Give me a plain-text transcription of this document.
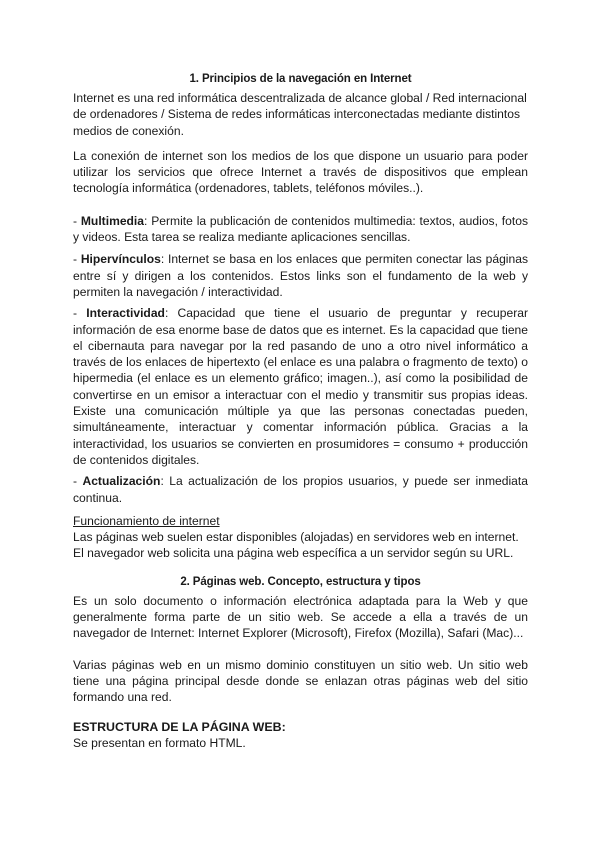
1. Principios de la navegación en Internet

Internet es una red informática descentralizada de alcance global / Red internacional de ordenadores / Sistema de redes informáticas interconectadas mediante distintos medios de conexión.

La conexión de internet son los medios de los que dispone un usuario para poder utilizar los servicios que ofrece Internet a través de dispositivos que emplean tecnología informática (ordenadores, tablets, teléfonos móviles..).

- Multimedia: Permite la publicación de contenidos multimedia: textos, audios, fotos y videos. Esta tarea se realiza mediante aplicaciones sencillas.

- Hipervínculos: Internet se basa en los enlaces que permiten conectar las páginas entre sí y dirigen a los contenidos. Estos links son el fundamento de la web y permiten la navegación / interactividad.

- Interactividad: Capacidad que tiene el usuario de preguntar y recuperar información de esa enorme base de datos que es internet. Es la capacidad que tiene el cibernauta para navegar por la red pasando de uno a otro nivel informático a través de los enlaces de hipertexto (el enlace es una palabra o fragmento de texto) o hipermedia (el enlace es un elemento gráfico; imagen..), así como la posibilidad de convertirse en un emisor a interactuar con el medio y transmitir sus propias ideas. Existe una comunicación múltiple ya que las personas conectadas pueden, simultáneamente, interactuar y comentar información pública. Gracias a la interactividad, los usuarios se convierten en prosumidores = consumo + producción de contenidos digitales.

- Actualización: La actualización de los propios usuarios, y puede ser inmediata continua.

Funcionamiento de internet

Las páginas web suelen estar disponibles (alojadas) en servidores web en internet. El navegador web solicita una página web específica a un servidor según su URL.

2. Páginas web. Concepto, estructura y tipos

Es un solo documento o información electrónica adaptada para la Web y que generalmente forma parte de un sitio web. Se accede a ella a través de un navegador de Internet: Internet Explorer (Microsoft), Firefox (Mozilla), Safari (Mac)...

Varias páginas web en un mismo dominio constituyen un sitio web. Un sitio web tiene una página principal desde donde se enlazan otras páginas web del sitio formando una red.

ESTRUCTURA DE LA PÁGINA WEB:

Se presentan en formato HTML.
